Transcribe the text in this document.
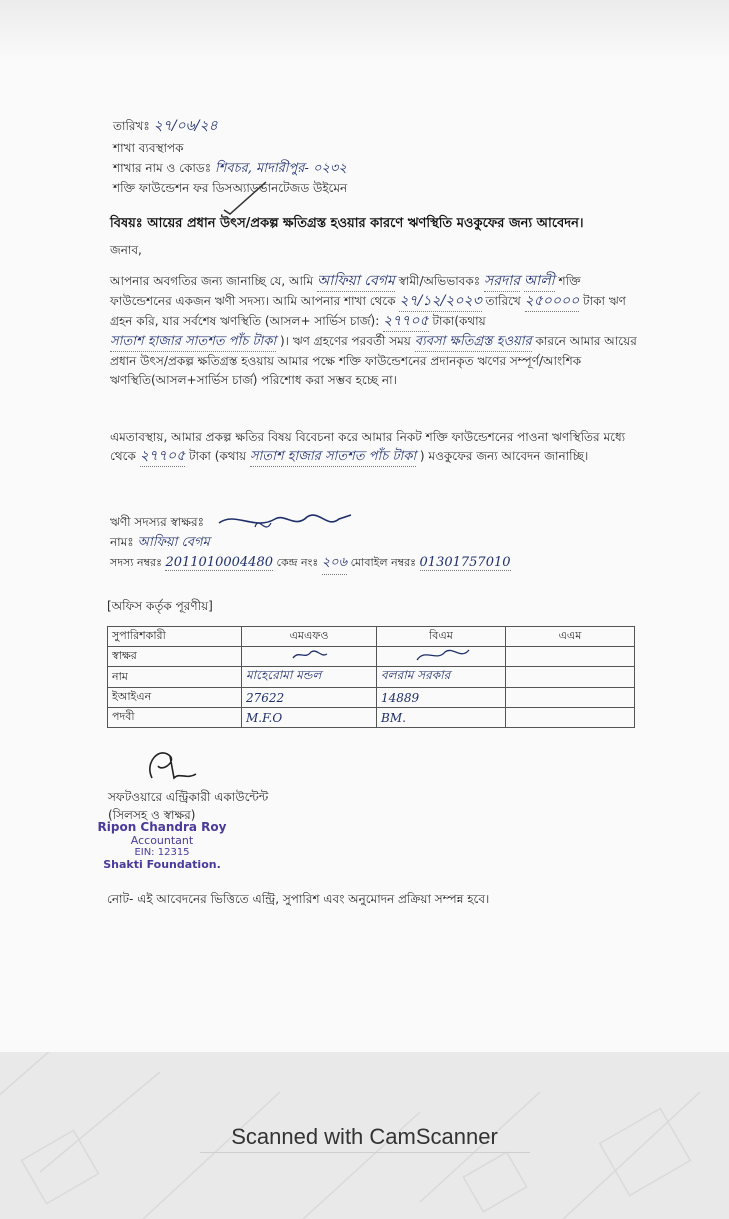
তারিখঃ ২৭/০৬/২৪
শাখা ব্যবস্থাপক
শাখার নাম ও কোডঃ শিবচর, মাদারীপুর- ০২৩২
শক্তি ফাউন্ডেশন ফর ডিসঅ্যাডভানটেজড উইমেন
বিষয়ঃ আয়ের প্রধান উৎস/প্রকল্প ক্ষতিগ্রস্ত হওয়ার কারণে ঋণস্থিতি মওকুফের জন্য আবেদন।
জনাব,
আপনার অবগতির জন্য জানাচ্ছি যে, আমি আফিয়া বেগম স্বামী/অভিভাবকঃ সরদার আলী শক্তি ফাউন্ডেশনের একজন ঋণী সদস্য। আমি আপনার শাখা থেকে ২৭/১২/২০২৩ তারিখে ২৫০০০০ টাকা ঋণ গ্রহন করি, যার সর্বশেষ ঋণস্থিতি (আসল+ সার্ভিস চার্জ): ২৭৭০৫ টাকা(কথায় সাতাশ হাজার সাতশত পাঁচ টাকা )। ঋণ গ্রহণের পরবর্তী সময় ব্যবসা ক্ষতিগ্রস্ত হওয়ার কারনে আমার আয়ের প্রধান উৎস/প্রকল্প ক্ষতিগ্রস্ত হওয়ায় আমার পক্ষে শক্তি ফাউন্ডেশনের প্রদানকৃত ঋণের সম্পূর্ণ/আংশিক ঋণস্থিতি(আসল+সার্ভিস চার্জ) পরিশোধ করা সম্ভব হচ্ছে না।
এমতাবস্থায়, আমার প্রকল্প ক্ষতির বিষয় বিবেচনা করে আমার নিকট শক্তি ফাউন্ডেশনের পাওনা ঋণস্থিতির মধ্যে থেকে ২৭৭০৫ টাকা (কথায় সাতাশ হাজার সাতশত পাঁচ টাকা ) মওকুফের জন্য আবেদন জানাচ্ছি।
ঋণী সদস্যর স্বাক্ষরঃ
নামঃ আফিয়া বেগম
সদস্য নম্বরঃ 2011010004480 কেন্দ্র নংঃ ২০৬ মোবাইল নম্বরঃ 01301757010
[অফিস কর্তৃক পূরণীয়]
সুপারিশকারী	এমএফও	বিএম	এএম
স্বাক্ষর			
নাম	মাহেরোমা মন্ডল	বলরাম সরকার	
ইআইএন	27622	14889	
পদবী	M.F.O	BM.	
সফটওয়ারে এন্ট্রিকারী একাউন্টেন্ট
(সিলসহ ও স্বাক্ষর)
Ripon Chandra Roy
Accountant
EIN: 12315
Shakti Foundation.
নোট- এই আবেদনের ভিত্তিতে এন্ট্রি, সুপারিশ এবং অনুমোদন প্রক্রিয়া সম্পন্ন হবে।
Scanned with CamScanner
